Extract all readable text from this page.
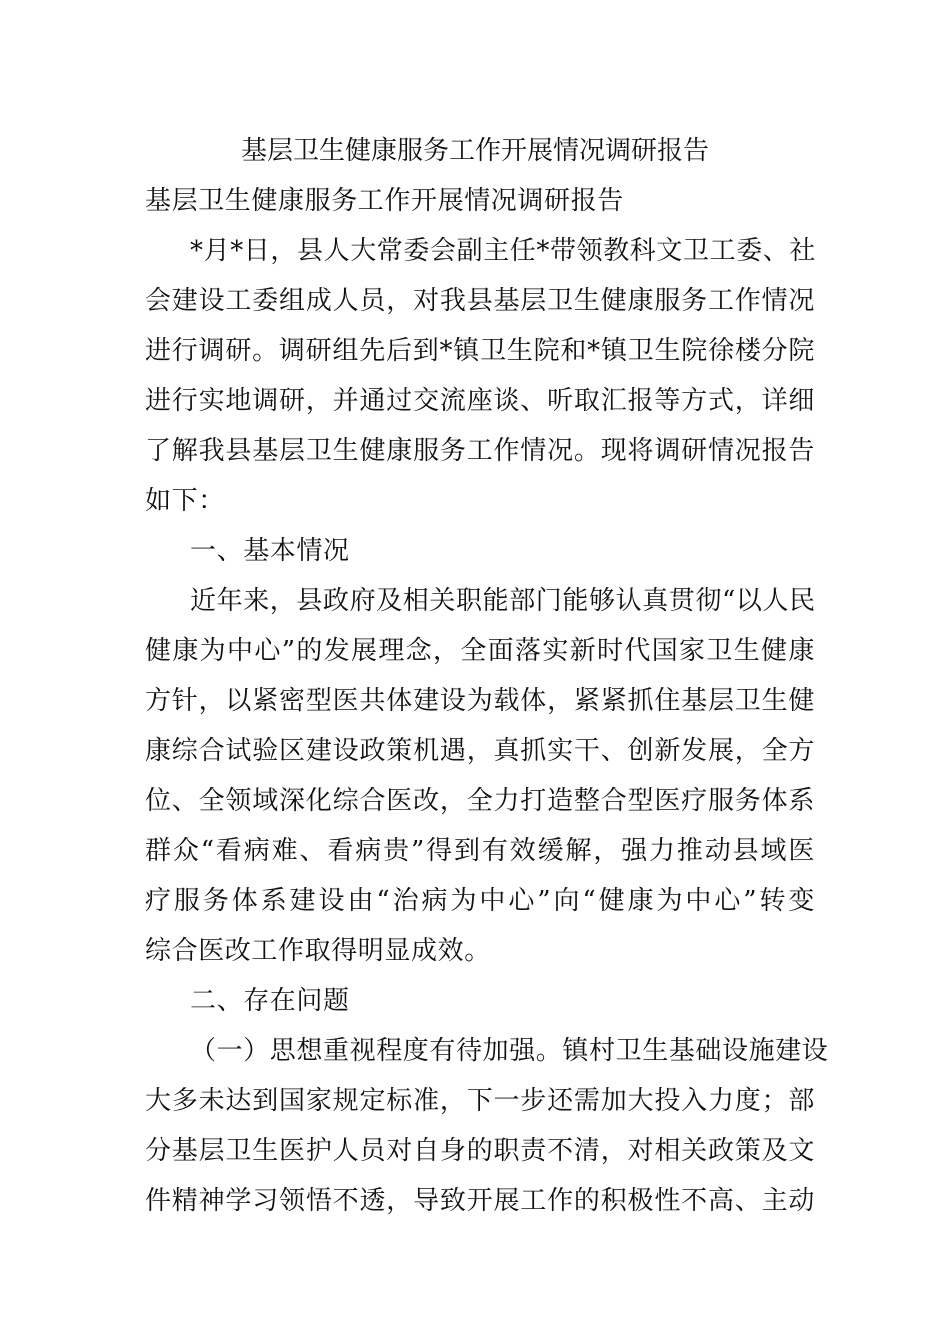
基层卫生健康服务工作开展情况调研报告
基层卫生健康服务工作开展情况调研报告
*月*日，县人大常委会副主任*带领教科文卫工委、社
会建设工委组成人员，对我县基层卫生健康服务工作情况
进行调研。调研组先后到*镇卫生院和*镇卫生院徐楼分院
进行实地调研，并通过交流座谈、听取汇报等方式，详细
了解我县基层卫生健康服务工作情况。现将调研情况报告
如下：
一、基本情况
近年来，县政府及相关职能部门能够认真贯彻“以人民
健康为中心”的发展理念，全面落实新时代国家卫生健康
方针，以紧密型医共体建设为载体，紧紧抓住基层卫生健
康综合试验区建设政策机遇，真抓实干、创新发展，全方
位、全领域深化综合医改，全力打造整合型医疗服务体系
群众“看病难、看病贵”得到有效缓解，强力推动县域医
疗服务体系建设由“治病为中心”向“健康为中心”转变
综合医改工作取得明显成效。
二、存在问题
（一）思想重视程度有待加强。镇村卫生基础设施建设
大多未达到国家规定标准，下一步还需加大投入力度；部
分基层卫生医护人员对自身的职责不清，对相关政策及文
件精神学习领悟不透，导致开展工作的积极性不高、主动
